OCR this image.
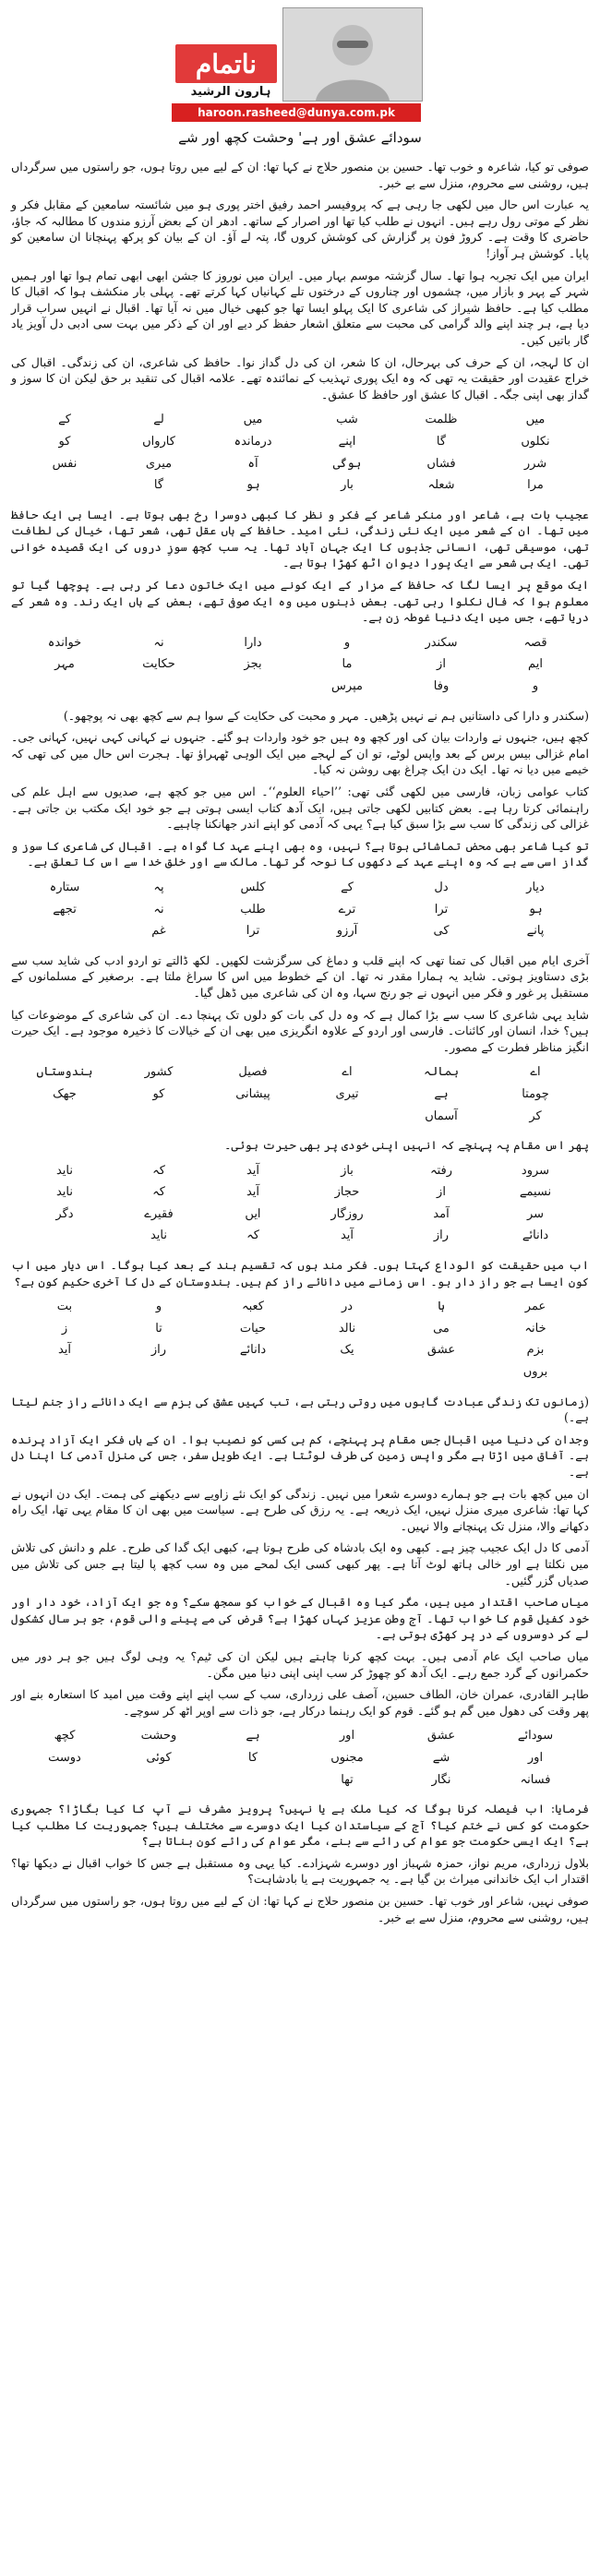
ناتمام
ہارون الرشید
haroon.rasheed@dunya.com.pk
سودائے عشق اور ہے' وحشت کچھ اور شے

صوفی تو کیا، شاعرہ و خوب تھا۔ حسین بن منصور حلاج نے کہا تھا: ان کے لیے میں روتا ہوں، جو راستوں میں سرگرداں ہیں، روشنی سے محروم، منزل سے بے خبر۔

یہ عبارت اس حال میں لکھی جا رہی ہے کہ پروفیسر احمد رفیق اختر پوری ہو میں شائستہ سامعین کے مقابل فکر و نظر کے موتی رول رہے ہیں۔ انہوں نے طلب کیا تھا اور اصرار کے ساتھ۔ ادھر ان کے بعض آرزو مندوں کا مطالبہ کہ جاؤ، حاضری کا وقت ہے۔ کروڑ فون پر گزارش کی کوشش کروں گا، پتہ لے آؤ۔ ان کے بیان کو پرکھ پہنچانا ان سامعین کو پایا۔ کوشش ہر آواز!

ایران میں ایک تجربہ ہوا تھا۔ سال گزشتہ موسم بہار میں۔ ایران میں نوروز کا جشن ابھی ابھی تمام ہوا تھا اور ہمیں شہر کے پہر و بازار میں، چشموں اور چناروں کے درختوں تلے کہانیاں کہا کرتے تھے۔ پہلی بار منکشف ہوا کہ اقبال کا مطلب کیا ہے۔ حافظ شیراز کی شاعری کا ایک پہلو ایسا تھا جو کبھی خیال میں نہ آیا تھا۔ اقبال نے انہیں سراب قرار دیا ہے، ہر چند اپنے والد گرامی کی محبت سے متعلق اشعار حفظ کر دیے اور ان کے ذکر میں بہت سی ادبی دل آویز یاد گار باتیں کیں۔

ان کا لہجہ، ان کے حرف کی بہرحال، ان کا شعر، ان کی دل گداز نوا۔ حافظ کی شاعری، ان کی زندگی۔ اقبال کی خراج عقیدت اور حقیقت یہ تھی کہ وہ ایک پوری تہذیب کے نمائندہ تھے۔ علامہ اقبال کی تنقید بر حق لیکن ان کا سوز و گداز بھی اپنی جگہ۔ اقبال کا عشق اور حافظ کا عشق۔

میں
ظلمت
شب
میں
لے
کے
نکلوں
گا
اپنے
درماندہ
کارواں
کو
شرر
فشاں
ہوگی
آہ
میری
نفس
مرا
شعلہ
بار
ہو
گا

عجیب بات ہے، شاعر اور منکر شاعر کے فکر و نظر کا کبھی دوسرا رخ بھی ہوتا ہے۔ ایسا ہی ایک حافظ میں تھا۔ ان کے شعر میں ایک نئی زندگی، نئی امید۔ حافظ کے ہاں عقل تھی، شعر تھا، خیال کی لطافت تھی، موسیقی تھی، انسانی جذبوں کا ایک جہان آباد تھا۔ یہ سب کچھ سوزِ دروں کی ایک قصیدہ خوانی تھی۔ ایک ہی شعر سے ایک پورا دیوان اٹھ کھڑا ہوتا ہے۔

ایک موقع پر ایسا لگا کہ حافظ کے مزار کے ایک کونے میں ایک خاتون دعا کر رہی ہے۔ پوچھا گیا تو معلوم ہوا کہ فال نکلوا رہی تھی۔ بعض ذہنوں میں وہ ایک صوفی تھے، بعض کے ہاں ایک رند۔ وہ شعر کے دریا تھے، جس میں ایک دنیا غوطہ زن ہے۔

قصہ
سکندر
و
دارا
نہ
خواندہ
ایم
از
ما
بجز
حکایت
مہر
و
وفا
مپرس

(سکندر و دارا کی داستانیں ہم نے نہیں پڑھیں۔ مہر و محبت کی حکایت کے سوا ہم سے کچھ بھی نہ پوچھو۔)

کچھ ہیں، جنہوں نے واردات بیان کی اور کچھ وہ ہیں جو خود واردات ہو گئے۔ جنہوں نے کہانی کہی نہیں، کہانی جی۔ امام غزالی بیس برس کے بعد واپس لوٹے، تو ان کے لہجے میں ایک الوہی ٹھہراؤ تھا۔ ہجرت اس حال میں کی تھی کہ خیمے میں دیا نہ تھا۔ ایک دن ایک چراغ بھی روشن نہ کیا۔

کتاب عوامی زبان، فارسی میں لکھی گئی تھی: ’’احیاء العلوم‘‘۔ اس میں جو کچھ ہے، صدیوں سے اہل علم کی راہنمائی کرتا رہا ہے۔ بعض کتابیں لکھی جاتی ہیں، ایک آدھ کتاب ایسی ہوتی ہے جو خود ایک مکتب بن جاتی ہے۔ غزالی کی زندگی کا سب سے بڑا سبق کیا ہے؟ یہی کہ آدمی کو اپنے اندر جھانکنا چاہیے۔

تو کیا شاعر بھی محض تماشائی ہوتا ہے؟ نہیں، وہ بھی اپنے عہد کا گواہ ہے۔ اقبال کی شاعری کا سوز و گداز اسی سے ہے کہ وہ اپنے عہد کے دکھوں کا نوحہ گر تھا۔ مالک سے اور خلق خدا سے اس کا تعلق ہے۔

دیار
دل
کے
کلس
پہ
ستارہ
ہو
ترا
ترے
طلب
نہ
تجھے
پانے
کی
آرزو
ترا
غم

آخری ایام میں اقبال کی تمنا تھی کہ اپنے قلب و دماغ کی سرگزشت لکھیں۔ لکھ ڈالتے تو اردو ادب کی شاید سب سے بڑی دستاویز ہوتی۔ شاید یہ ہمارا مقدر نہ تھا۔ ان کے خطوط میں اس کا سراغ ملتا ہے۔ برصغیر کے مسلمانوں کے مستقبل پر غور و فکر میں انہوں نے جو رنج سہا، وہ ان کی شاعری میں ڈھل گیا۔

شاید یہی شاعری کا سب سے بڑا کمال ہے کہ وہ دل کی بات کو دلوں تک پہنچا دے۔ ان کی شاعری کے موضوعات کیا ہیں؟ خدا، انسان اور کائنات۔ فارسی اور اردو کے علاوہ انگریزی میں بھی ان کے خیالات کا ذخیرہ موجود ہے۔ ایک حیرت انگیز مناظر فطرت کے مصور۔

اے
ہمالہ
اے
فصیل
کشور
ہندوستاں
چومتا
ہے
تیری
پیشانی
کو
جھک
کر
آسماں

پھر اس مقام پہ پہنچے کہ انہیں اپنی خودی پر بھی حیرت ہوئی۔

سرود
رفتہ
باز
آید
کہ
ناید
نسیمے
از
حجاز
آید
کہ
ناید
سر
آمد
روزگار
ایں
فقیرے
دگر
دانائے
راز
آید
کہ
ناید

اب میں حقیقت کو الوداع کہتا ہوں۔ فکر مند ہوں کہ تقسیم ہند کے بعد کیا ہوگا۔ اس دیار میں اب کون ایسا ہے جو راز دار ہو۔ اس زمانے میں دانائے راز کم ہیں۔ ہندوستان کے دل کا آخری حکیم کون ہے؟

عمر
ہا
در
کعبہ
و
بت
خانہ
می
نالد
حیات
تا
ز
بزم
عشق
یک
دانائے
راز
آید
بروں

(زمانوں تک زندگی عبادت گاہوں میں روتی رہتی ہے، تب کہیں عشق کی بزم سے ایک دانائے راز جنم لیتا ہے۔)

وجدان کی دنیا میں اقبال جس مقام پر پہنچے، کم ہی کسی کو نصیب ہوا۔ ان کے ہاں فکر ایک آزاد پرندہ ہے۔ آفاق میں اڑتا ہے مگر واپس زمین کی طرف لوٹتا ہے۔ ایک طویل سفر، جس کی منزل آدمی کا اپنا دل ہے۔

ان میں کچھ بات ہے جو ہمارے دوسرے شعرا میں نہیں۔ زندگی کو ایک نئے زاویے سے دیکھنے کی ہمت۔ ایک دن انہوں نے کہا تھا: شاعری میری منزل نہیں، ایک ذریعہ ہے۔ یہ رزق کی طرح ہے۔ سیاست میں بھی ان کا مقام یہی تھا، ایک راہ دکھانے والا، منزل تک پہنچانے والا نہیں۔

آدمی کا دل ایک عجیب چیز ہے۔ کبھی وہ ایک بادشاہ کی طرح ہوتا ہے، کبھی ایک گدا کی طرح۔ علم و دانش کی تلاش میں نکلتا ہے اور خالی ہاتھ لوٹ آتا ہے۔ پھر کبھی کسی ایک لمحے میں وہ سب کچھ پا لیتا ہے جس کی تلاش میں صدیاں گزر گئیں۔

میاں صاحب اقتدار میں ہیں، مگر کیا وہ اقبال کے خواب کو سمجھ سکے؟ وہ جو ایک آزاد، خود دار اور خود کفیل قوم کا خواب تھا۔ آج وطن عزیز کہاں کھڑا ہے؟ قرض کی مے پینے والی قوم، جو ہر سال کشکول لے کر دوسروں کے در پر کھڑی ہوتی ہے۔

میاں صاحب ایک عام آدمی ہیں۔ بہت کچھ کرنا چاہتے ہیں لیکن ان کی ٹیم؟ یہ وہی لوگ ہیں جو ہر دور میں حکمرانوں کے گرد جمع رہے۔ ایک آدھ کو چھوڑ کر سب اپنی اپنی دنیا میں مگن۔

طاہر القادری، عمران خان، الطاف حسین، آصف علی زرداری، سب کے سب اپنے اپنے وقت میں امید کا استعارہ بنے اور پھر وقت کی دھول میں گم ہو گئے۔ قوم کو ایک رہنما درکار ہے، جو ذات سے اوپر اٹھ کر سوچے۔

سودائے
عشق
اور
ہے
وحشت
کچھ
اور
شے
مجنوں
کا
کوئی
دوست
فسانہ
نگار
تھا

فرمایا: اب فیصلہ کرنا ہوگا کہ کیا ملک ہے یا نہیں؟ پرویز مشرف نے آپ کا کیا بگاڑا؟ جمہوری حکومت کو کس نے ختم کیا؟ آج کے سیاستدان کیا ایک دوسرے سے مختلف ہیں؟ جمہوریت کا مطلب کیا ہے؟ ایک ایسی حکومت جو عوام کی رائے سے بنے، مگر عوام کی رائے کون بناتا ہے؟

بلاول زرداری، مریم نواز، حمزہ شہباز اور دوسرے شہزادے۔ کیا یہی وہ مستقبل ہے جس کا خواب اقبال نے دیکھا تھا؟ اقتدار اب ایک خاندانی میراث بن گیا ہے۔ یہ جمہوریت ہے یا بادشاہت؟

صوفی نہیں، شاعر اور خوب تھا۔ حسین بن منصور حلاج نے کہا تھا: ان کے لیے میں روتا ہوں، جو راستوں میں سرگرداں ہیں، روشنی سے محروم، منزل سے بے خبر۔
